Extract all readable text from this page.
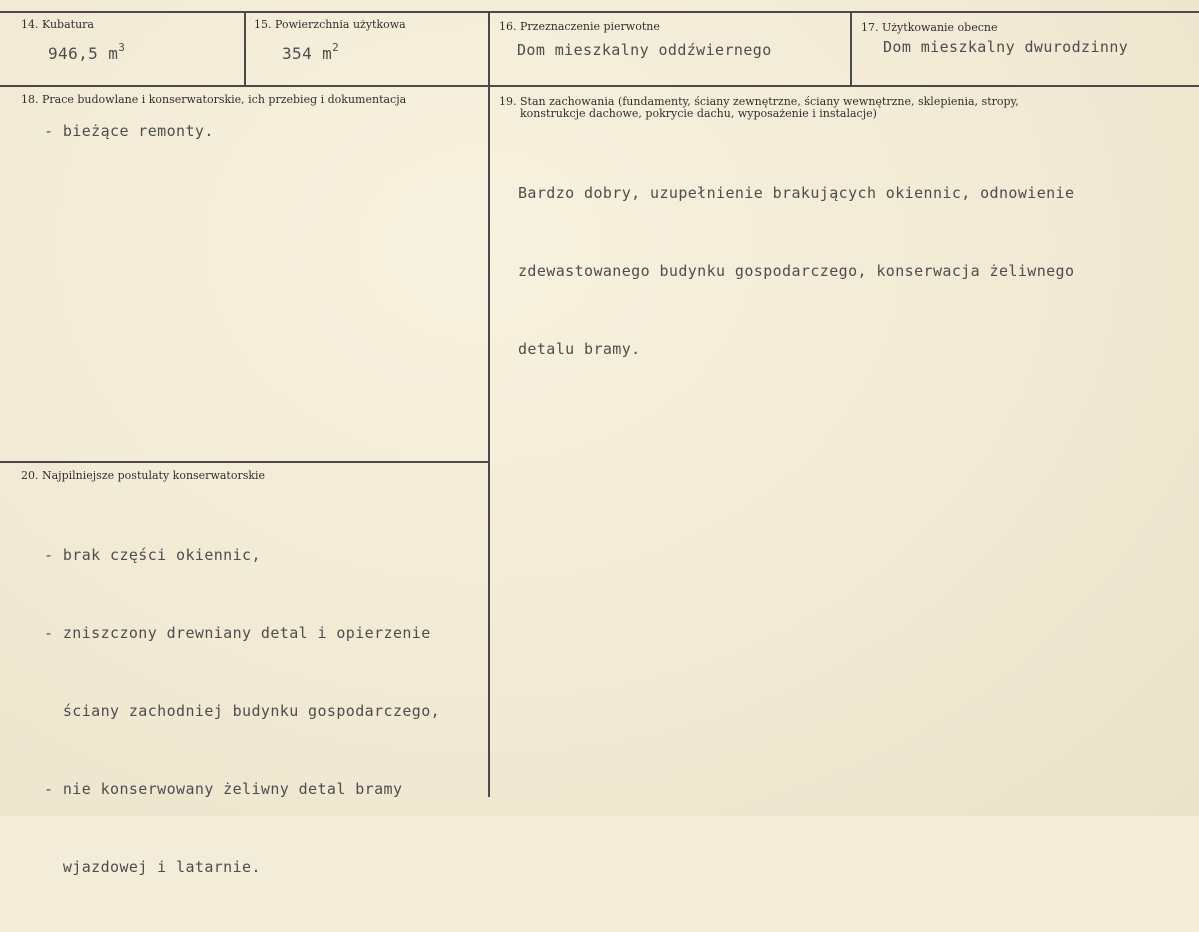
14. Kubatura
946,5 $m^3$
15. Powierzchnia użytkowa
354 $m^2$
16. Przeznaczenie pierwotne
Dom mieszkalny oddźwiernego
17. Użytkowanie obecne
Dom mieszkalny dwurodzinny
18. Prace budowlane i konserwatorskie, ich przebieg i dokumentacja
- bieżące remonty.
19. Stan zachowania (fundamenty, ściany zewnętrzne, ściany wewnętrzne, sklepienia, stropy,
konstrukcje dachowe, pokrycie dachu, wyposażenie i instalacje)

Bardzo dobry, uzupełnienie brakujących okiennic, odnowienie

zdewastowanego budynku gospodarczego, konserwacja żeliwnego

detalu bramy.

20. Najpilniejsze postulaty konserwatorskie

- brak części okiennic,

- zniszczony drewniany detal i opierzenie

ściany zachodniej budynku gospodarczego,

- nie konserwowany żeliwny detal bramy

wjazdowej i latarnie.
